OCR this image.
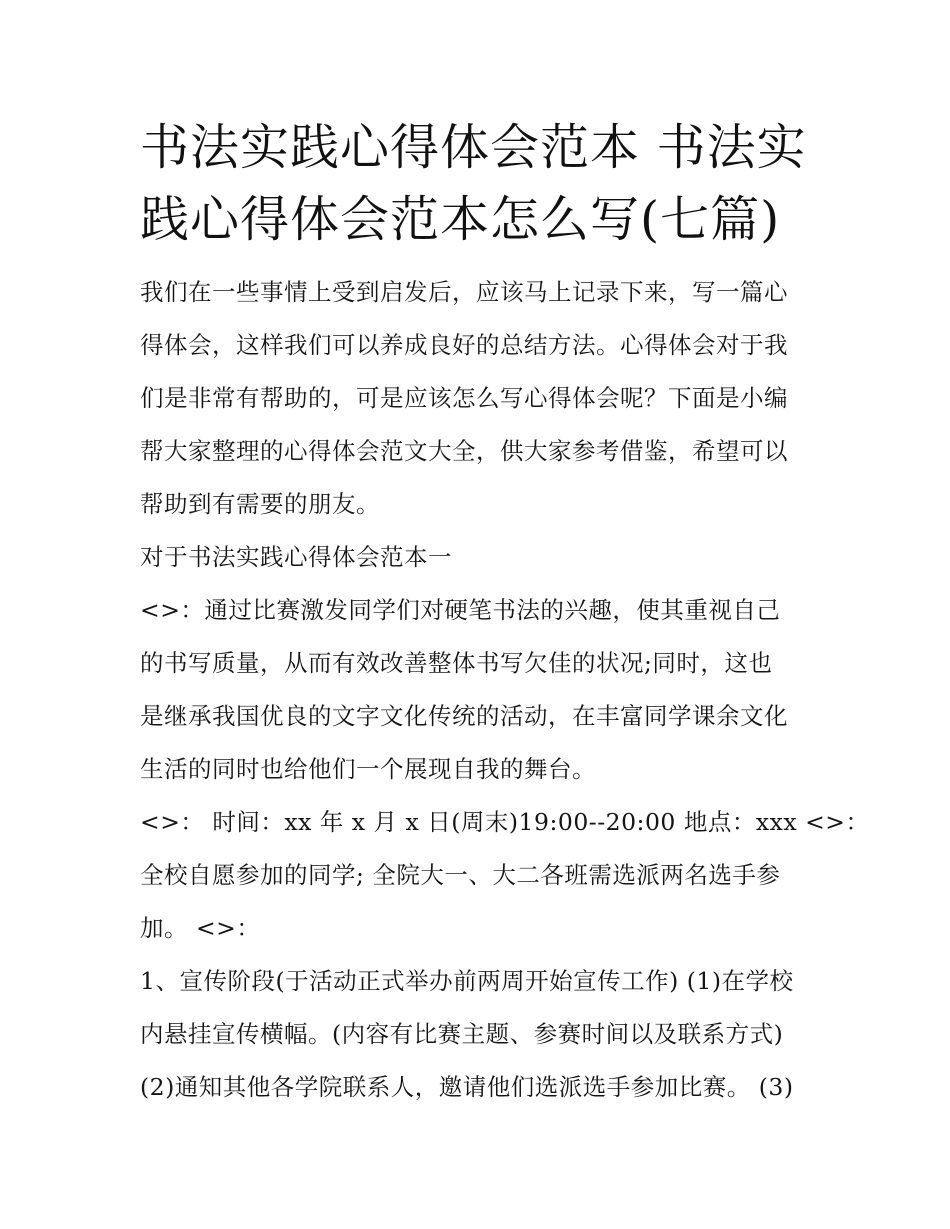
书法实践心得体会范本 书法实
践心得体会范本怎么写(七篇)

我们在一些事情上受到启发后，应该马上记录下来，写一篇心
得体会，这样我们可以养成良好的总结方法。心得体会对于我
们是非常有帮助的，可是应该怎么写心得体会呢？下面是小编
帮大家整理的心得体会范文大全，供大家参考借鉴，希望可以
帮助到有需要的朋友。

对于书法实践心得体会范本一

<>：通过比赛激发同学们对硬笔书法的兴趣，使其重视自己
的书写质量，从而有效改善整体书写欠佳的状况;同时，这也
是继承我国优良的文字文化传统的活动，在丰富同学课余文化
生活的同时也给他们一个展现自我的舞台。

<>： 时间：xx 年 x 月 x 日(周末)19:00--20:00 地点：xxx <>：
全校自愿参加的同学; 全院大一、大二各班需选派两名选手参
加。 <>：

1、宣传阶段(于活动正式举办前两周开始宣传工作) (1)在学校
内悬挂宣传横幅。(内容有比赛主题、参赛时间以及联系方式)
(2)通知其他各学院联系人，邀请他们选派选手参加比赛。 (3)
